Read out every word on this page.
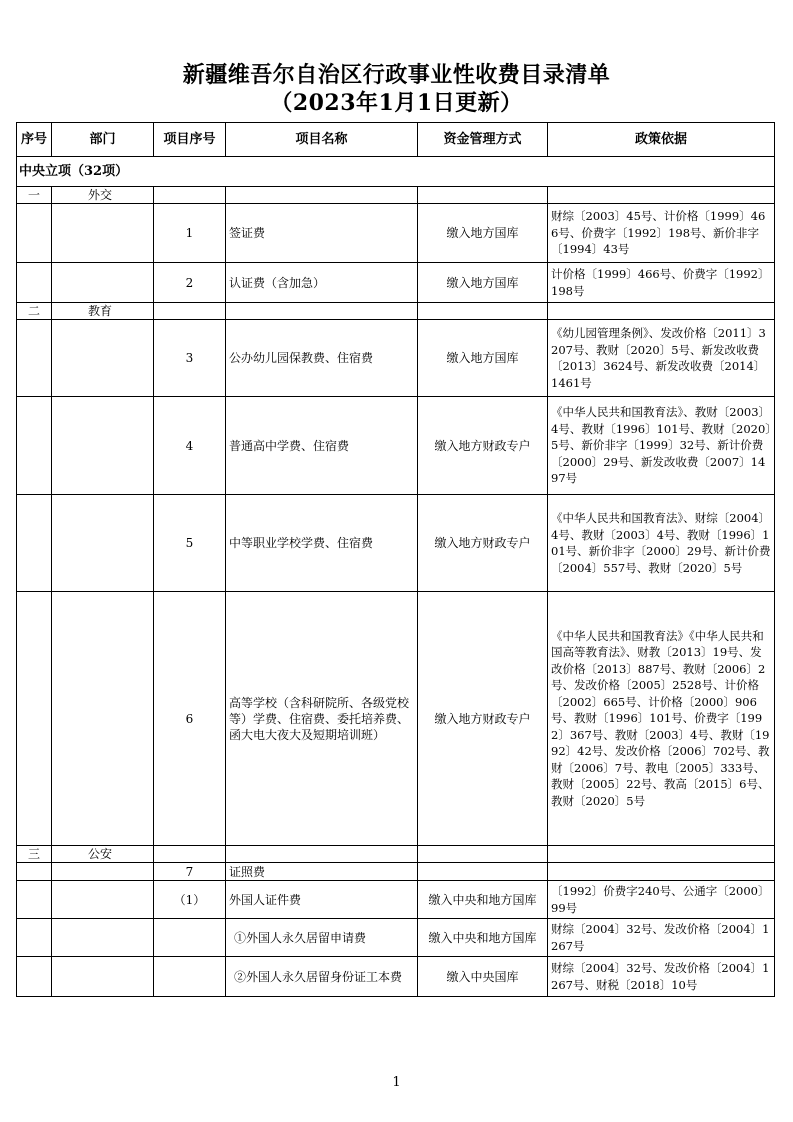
新疆维吾尔自治区行政事业性收费目录清单
（2023年1月1日更新）
序号	部门	项目序号	项目名称	资金管理方式	政策依据
中央立项（32项）					
一	外交				
		1	签证费	缴入地方国库	财综〔2003〕45号、计价格〔1999〕466号、价费字〔1992〕198号、新价非字〔1994〕43号
		2	认证费（含加急）	缴入地方国库	计价格〔1999〕466号、价费字〔1992〕198号
二	教育				
		3	公办幼儿园保教费、住宿费	缴入地方国库	《幼儿园管理条例》、发改价格〔2011〕3207号、教财〔2020〕5号、新发改收费〔2013〕3624号、新发改收费〔2014〕1461号
		4	普通高中学费、住宿费	缴入地方财政专户	《中华人民共和国教育法》、教财〔2003〕4号、教财〔1996〕101号、教财〔2020〕5号、新价非字〔1999〕32号、新计价费〔2000〕29号、新发改收费〔2007〕1497号
		5	中等职业学校学费、住宿费	缴入地方财政专户	《中华人民共和国教育法》、财综〔2004〕4号、教财〔2003〕4号、教财〔1996〕101号、新价非字〔2000〕29号、新计价费〔2004〕557号、教财〔2020〕5号
		6	高等学校（含科研院所、各级党校等）学费、住宿费、委托培养费、函大电大夜大及短期培训班）	缴入地方财政专户	《中华人民共和国教育法》《中华人民共和国高等教育法》、财教〔2013〕19号、发改价格〔2013〕887号、教财〔2006〕2号、发改价格〔2005〕2528号、计价格〔2002〕665号、计价格〔2000〕906号、教财〔1996〕101号、价费字〔1992〕367号、教财〔2003〕4号、教财〔1992〕42号、发改价格〔2006〕702号、教财〔2006〕7号、教电〔2005〕333号、教财〔2005〕22号、教高〔2015〕6号、教财〔2020〕5号
三	公安				
		7	证照费		
		（1）	外国人证件费	缴入中央和地方国库	〔1992〕价费字240号、公通字〔2000〕99号
			①外国人永久居留申请费	缴入中央和地方国库	财综〔2004〕32号、发改价格〔2004〕1267号
			②外国人永久居留身份证工本费	缴入中央国库	财综〔2004〕32号、发改价格〔2004〕1267号、财税〔2018〕10号
1
